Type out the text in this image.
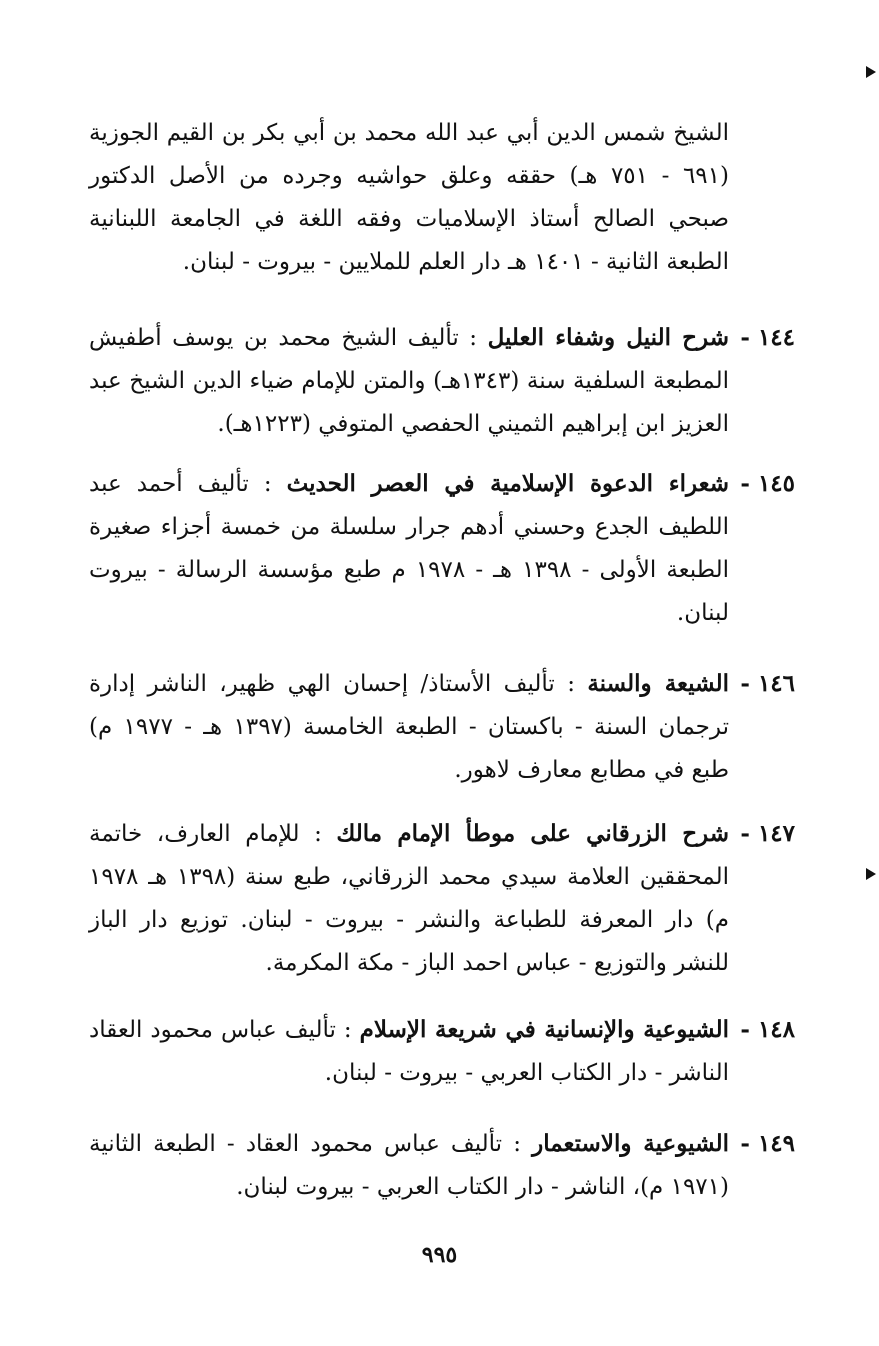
الشيخ شمس الدين أبي عبد الله محمد بن أبي بكر بن القيم الجوزية (٦٩١ - ٧٥١ هـ) حققه وعلق حواشيه وجرده من الأصل الدكتور صبحي الصالح أستاذ الإسلاميات وفقه اللغة في الجامعة اللبنانية الطبعة الثانية - ١٤٠١ هـ دار العلم للملايين - بيروت - لبنان.

١٤٤ -
شرح النيل وشفاء العليل : تأليف الشيخ محمد بن يوسف أطفيش المطبعة السلفية سنة (١٣٤٣هـ) والمتن للإمام ضياء الدين الشيخ عبد العزيز ابن إبراهيم الثميني الحفصي المتوفي (١٢٢٣هـ).
١٤٥ -
شعراء الدعوة الإسلامية في العصر الحديث : تأليف أحمد عبد اللطيف الجدع وحسني أدهم جرار سلسلة من خمسة أجزاء صغيرة الطبعة الأولى - ١٣٩٨ هـ - ١٩٧٨ م طبع مؤسسة الرسالة - بيروت لبنان.
١٤٦ -
الشيعة والسنة : تأليف الأستاذ/ إحسان الهي ظهير، الناشر إدارة ترجمان السنة - باكستان - الطبعة الخامسة (١٣٩٧ هـ - ١٩٧٧ م) طبع في مطابع معارف لاهور.
١٤٧ -
شرح الزرقاني على موطأ الإمام مالك : للإمام العارف، خاتمة المحققين العلامة سيدي محمد الزرقاني، طبع سنة (١٣٩٨ هـ ١٩٧٨ م) دار المعرفة للطباعة والنشر - بيروت - لبنان. توزيع دار الباز للنشر والتوزيع - عباس احمد الباز - مكة المكرمة.
١٤٨ -
الشيوعية والإنسانية في شريعة الإسلام : تأليف عباس محمود العقاد الناشر - دار الكتاب العربي - بيروت - لبنان.
١٤٩ -
الشيوعية والاستعمار : تأليف عباس محمود العقاد - الطبعة الثانية (١٩٧١ م)، الناشر - دار الكتاب العربي - بيروت لبنان.
٩٩٥
